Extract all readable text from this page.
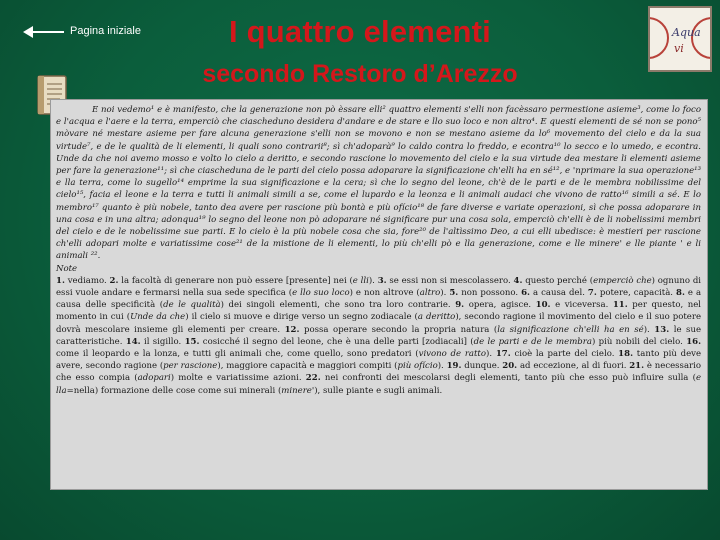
Pagina iniziale	I quattro elementi
secondo Restoro d’Arezzo
Aqua
vi

E noi vedemo¹ e è manifesto, che la generazione non pò èssare elli² quattro elementi s'elli non facèssaro permestione asieme³, come lo foco e l'acqua e l'aere e la terra, emperciò che ciascheduno desidera d'andare e de stare e llo suo loco e non altro⁴. E questi elementi de sé non se pono⁵ mòvare né mestare asieme per fare alcuna generazione s'elli non se movono e non se mestano asieme da lo⁶ movemento del cielo e da la sua virtude⁷, e de le qualità de li elementi, li quali sono contrarii⁸; sì ch'adoparà⁹ lo caldo contra lo freddo, e econtra¹⁰ lo secco e lo umedo, e econtra. Unde da che noi avemo mosso e volto lo cielo a deritto, e secondo rascione lo movemento del cielo e la sua virtude dea mestare li elementi asieme per fare la generazione¹¹; sì che ciascheduna de le parti del cielo possa adoparare la significazione ch'elli ha en sé¹², e 'nprimare la sua operazione¹³ e lla terra, come lo sugello¹⁴ emprime la sua significazione e la cera; sì che lo segno del leone, ch'è de le parti e de le membra nobilissime del cielo¹⁵, facia el leone e la terra e tutti li animali simili a se, come el lupardo e la leonza e li animali audaci che vivono de ratto¹⁶ simili a sé. E lo membro¹⁷ quanto è più nobele, tanto dea avere per rascione più bontà e più ofício¹⁸ de fare diverse e variate operazioni, sì che possa adoparare in una cosa e in una altra; adonqua¹⁹ lo segno del leone non pò adoparare né significare pur una cosa sola, emperciò ch'elli è de li nobelissimi membri del cielo e de le nobelissime sue parti. E lo cielo è la più nobele cosa che sia, fore²⁰ de l'altìssimo Deo, a cui elli ubedisce: è mestieri per rascione ch'elli adopari molte e variatissime cose²¹ de la mistione de li elementi, lo più ch'elli pò e lla generazione, come e lle minere' e lle piante ' e li animali ²².

Note

1. vediamo. 2. la facoltà di generare non può essere [presente] nei (e lli). 3. se essi non si mescolassero. 4. questo perché (emperciò che) ognuno di essi vuole andare e fermarsi nella sua sede specifica (e llo suo loco) e non altrove (altro). 5. non possono. 6. a causa del. 7. potere, capacità. 8. e a causa delle specificità (de le qualità) dei singoli elementi, che sono tra loro contrarie. 9. opera, agisce. 10. e viceversa. 11. per questo, nel momento in cui (Unde da che) il cielo si muove e dirige verso un segno zodiacale (a deritto), secondo ragione il movimento del cielo e il suo potere dovrà mescolare insieme gli elementi per creare. 12. possa operare secondo la propria natura (la significazione ch'elli ha en sé). 13. le sue caratteristiche. 14. il sigillo. 15. cosicché il segno del leone, che è una delle parti [zodiacali] (de le parti e de le membra) più nobili del cielo. 16. come il leopardo e la lonza, e tutti gli animali che, come quello, sono predatori (vivono de ratto). 17. cioè la parte del cielo. 18. tanto più deve avere, secondo ragione (per rascione), maggiore capacità e maggiori compiti (più ofício). 19. dunque. 20. ad eccezione, al di fuori. 21. è necessario che esso compia (adopari) molte e variatissime azioni. 22. nei confronti dei mescolarsi degli elementi, tanto più che esso può influire sulla (e lla=nella) formazione delle cose come sui minerali (minere'), sulle piante e sugli animali.
